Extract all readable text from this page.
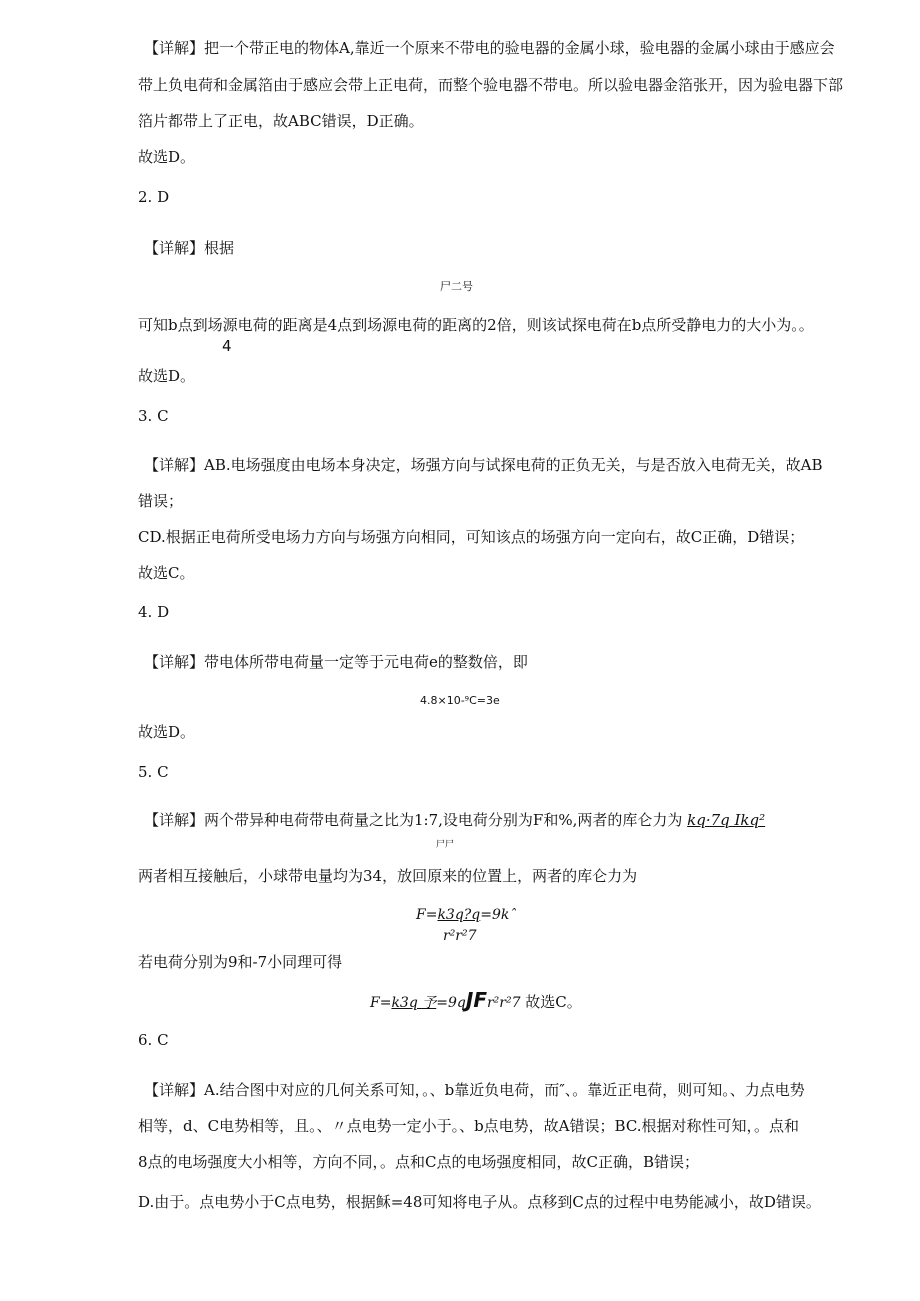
【详解】把一个带正电的物体A,靠近一个原来不带电的验电器的金属小球，验电器的金属小球由于感应会
带上负电荷和金属箔由于感应会带上正电荷，而整个验电器不带电。所以验电器金箔张开，因为验电器下部
箔片都带上了正电，故ABC错误，D正确。
故选D。
2. D
【详解】根据
尸二号
可知b点到场源电荷的距离是4点到场源电荷的距离的2倍，则该试探电荷在b点所受静电力的大小为。。
4
故选D。
3. C
【详解】AB.电场强度由电场本身决定，场强方向与试探电荷的正负无关，与是否放入电荷无关，故AB
错误；
CD.根据正电荷所受电场力方向与场强方向相同，可知该点的场强方向一定向右，故C正确，D错误；
故选C。
4. D
【详解】带电体所带电荷量一定等于元电荷e的整数倍，即
4.8×10-⁹C=3e
故选D。
5. C
【详解】两个带异种电荷带电荷量之比为1:7,设电荷分别为F和%,两者的库仑力为 kq·7q Ikq²
尸尸
两者相互接触后，小球带电量均为34，放回原来的位置上，两者的库仑力为
F=k3q?q=9kˆ
r²r²7
若电荷分别为9和-7小同理可得
F=k3q 予=9qJFr²r²7 故选C。
6. C
【详解】A.结合图中对应的几何关系可知，。、b靠近负电荷，而″、。靠近正电荷，则可知。、力点电势
相等，d、C电势相等，且。、〃点电势一定小于。、b点电势，故A错误；BC.根据对称性可知，。点和
8点的电场强度大小相等，方向不同，。点和C点的电场强度相同，故C正确，B错误；
D.由于。点电势小于C点电势，根据稣=48可知将电子从。点移到C点的过程中电势能减小，故D错误。
